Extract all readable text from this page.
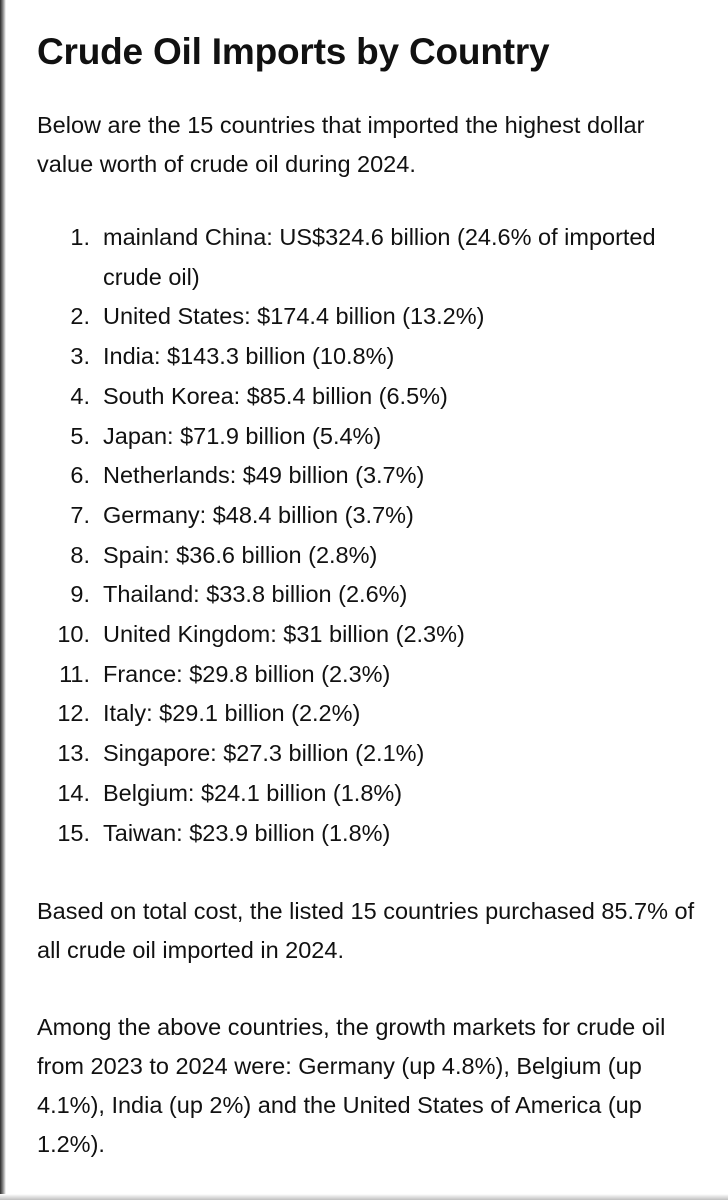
Crude Oil Imports by Country

Below are the 15 countries that imported the highest dollar value worth of crude oil during 2024.

1. mainland China: US$324.6 billion (24.6% of imported crude oil)
2. United States: $174.4 billion (13.2%)
3. India: $143.3 billion (10.8%)
4. South Korea: $85.4 billion (6.5%)
5. Japan: $71.9 billion (5.4%)
6. Netherlands: $49 billion (3.7%)
7. Germany: $48.4 billion (3.7%)
8. Spain: $36.6 billion (2.8%)
9. Thailand: $33.8 billion (2.6%)
10. United Kingdom: $31 billion (2.3%)
11. France: $29.8 billion (2.3%)
12. Italy: $29.1 billion (2.2%)
13. Singapore: $27.3 billion (2.1%)
14. Belgium: $24.1 billion (1.8%)
15. Taiwan: $23.9 billion (1.8%)

Based on total cost, the listed 15 countries purchased 85.7% of all crude oil imported in 2024.

Among the above countries, the growth markets for crude oil from 2023 to 2024 were: Germany (up 4.8%), Belgium (up 4.1%), India (up 2%) and the United States of America (up 1.2%).
